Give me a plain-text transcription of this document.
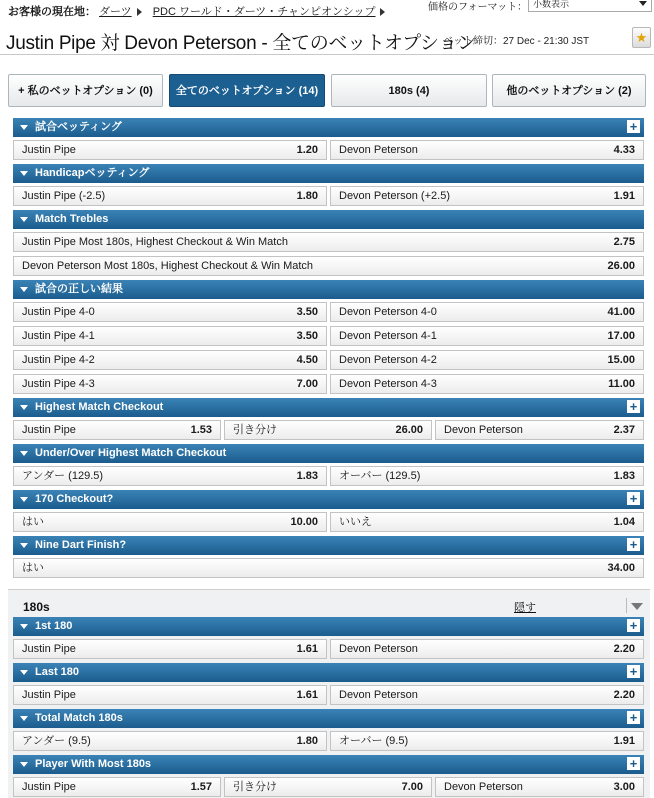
お客様の現在地： ダーツ PDC ワールド・ダーツ・チャンピオンシップ	価格のフォーマット： 小数表示
Justin Pipe 対 Devon Peterson - 全てのベットオプション
ベット締切：27 Dec - 21:30 JST	★
+ 私のベットオプション (0)	全てのベットオプション (14)	180s (4)	他のベットオプション (2)
180s	隠す
試合ベッティング	+
Justin Pipe	1.20 Devon Peterson	4.33
Handicapベッティング
Justin Pipe (-2.5)	1.80 Devon Peterson (+2.5)	1.91
Match Trebles
Justin Pipe Most 180s, Highest Checkout & Win Match	2.75
Devon Peterson Most 180s, Highest Checkout & Win Match	26.00
試合の正しい結果
Justin Pipe 4-0	3.50 Devon Peterson 4-0	41.00
Justin Pipe 4-1	3.50 Devon Peterson 4-1	17.00
Justin Pipe 4-2	4.50 Devon Peterson 4-2	15.00
Justin Pipe 4-3	7.00 Devon Peterson 4-3	11.00
Highest Match Checkout	+
Justin Pipe	1.53 引き分け	26.00 Devon Peterson	2.37
Under/Over Highest Match Checkout
アンダー (129.5)	1.83 オーバー (129.5)	1.83
170 Checkout?	+
はい	10.00 いいえ	1.04
Nine Dart Finish?	+
はい	34.00
1st 180	+
Justin Pipe	1.61 Devon Peterson	2.20
Last 180	+
Justin Pipe	1.61 Devon Peterson	2.20
Total Match 180s	+
アンダー (9.5)	1.80 オーバー (9.5)	1.91
Player With Most 180s	+
Justin Pipe	1.57 引き分け	7.00 Devon Peterson	3.00
